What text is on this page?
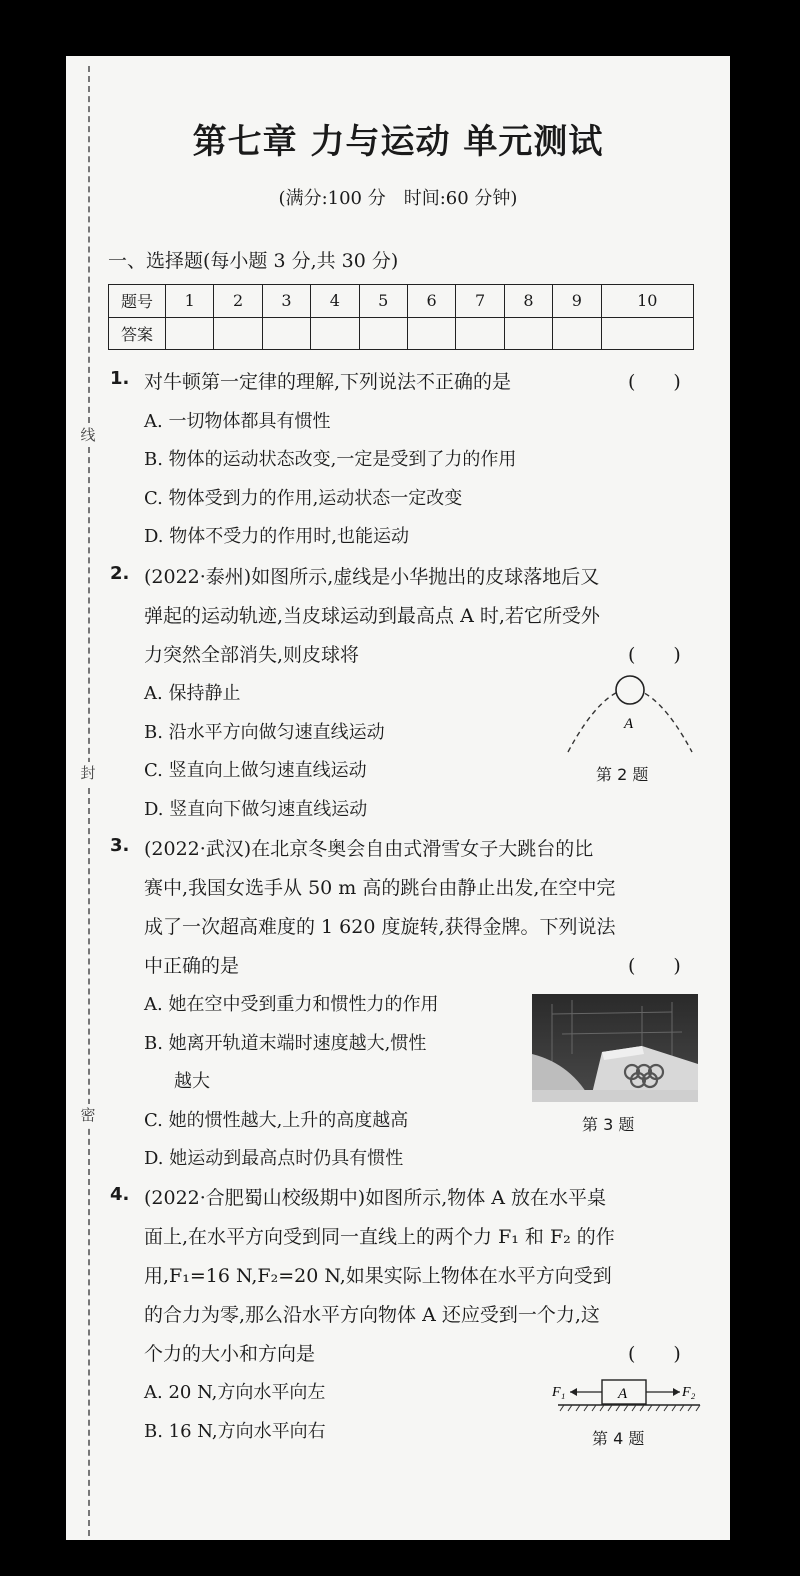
线
封
密
第七章 力与运动 单元测试
(满分:100 分　时间:60 分钟)
一、选择题(每小题 3 分,共 30 分)
题号	1	2	3	4	5	6	7	8	9	10
答案										
1. 对牛顿第一定律的理解,下列说法不正确的是	(　　)
A. 一切物体都具有惯性
B. 物体的运动状态改变,一定是受到了力的作用
C. 物体受到力的作用,运动状态一定改变
D. 物体不受力的作用时,也能运动
2. (2022·泰州)如图所示,虚线是小华抛出的皮球落地后又
弹起的运动轨迹,当皮球运动到最高点 A 时,若它所受外
力突然全部消失,则皮球将	(　　)
A. 保持静止
B. 沿水平方向做匀速直线运动
C. 竖直向上做匀速直线运动
D. 竖直向下做匀速直线运动
A
第 2 题
3. (2022·武汉)在北京冬奥会自由式滑雪女子大跳台的比
赛中,我国女选手从 50 m 高的跳台由静止出发,在空中完
成了一次超高难度的 1 620 度旋转,获得金牌。下列说法
中正确的是	(　　)
A. 她在空中受到重力和惯性力的作用
B. 她离开轨道末端时速度越大,惯性
越大
C. 她的惯性越大,上升的高度越高
D. 她运动到最高点时仍具有惯性
第 3 题
4. (2022·合肥蜀山校级期中)如图所示,物体 A 放在水平桌
面上,在水平方向受到同一直线上的两个力 F₁ 和 F₂ 的作
用,F₁=16 N,F₂=20 N,如果实际上物体在水平方向受到
的合力为零,那么沿水平方向物体 A 还应受到一个力,这
个力的大小和方向是	(　　)
A. 20 N,方向水平向左
B. 16 N,方向水平向右
F₁	A	F₂
第 4 题
